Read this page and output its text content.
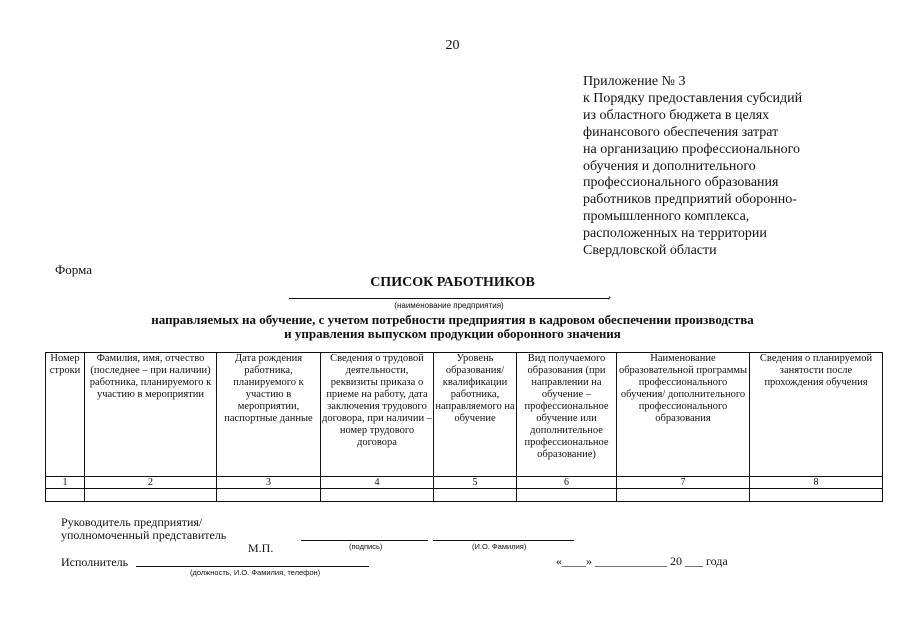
20
Приложение № 3
к Порядку предоставления субсидий
из областного бюджета в целях
финансового обеспечения затрат
на организацию профессионального
обучения и дополнительного
профессионального образования
работников предприятий оборонно-
промышленного комплекса,
расположенных на территории
Свердловской области
Форма
СПИСОК РАБОТНИКОВ
,
(наименование предприятия)
направляемых на обучение, с учетом потребности предприятия в кадровом обеспечении производства
и управления выпуском продукции оборонного значения
Номер строки	Фамилия, имя, отчество (последнее – при наличии) работника, планируемого к участию в мероприятии	Дата рождения работника, планируемого к участию в мероприятии, паспортные данные	Сведения о трудовой деятельности, реквизиты приказа о приеме на работу, дата заключения трудового договора, при наличии – номер трудового договора	Уровень образования/ квалификации работника, направляемого на обучение	Вид получаемого образования (при направлении на обучение – профессиональное обучение или дополнительное профессиональное образование)	Наименование образовательной программы профессионального обучения/ дополнительного профессионального образования	Сведения о планируемой занятости после прохождения обучения
1	2	3	4	5	6	7	8

Руководитель предприятия/
уполномоченный представитель
М.П.	(подпись)	(И.О. Фамилия)
Исполнитель
(должность, И.О. Фамилия, телефон)
«____» ____________ 20 ___ года
